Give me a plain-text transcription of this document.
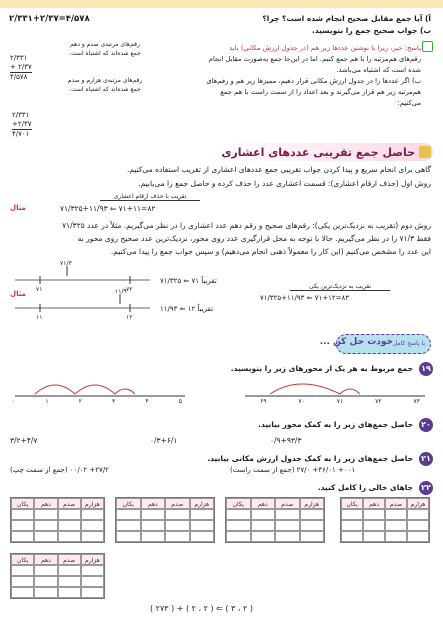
۲/۳۳۱+۲/۳۷=۴/۵۷۸	آ) آیا جمع مقابل صحیح انجام شده است؟ چرا؟
ب) جواب صحیح جمع را بنویسید.
پاسخ: خیر، زیرا با نوشتن عددها زیر هم (در جدول ارزش مکانی) باید
رقم‌های هم‌مرتبه را با هم جمع کنیم. اما در این‌جا جمع به‌صورت مقابل انجام
شده است که اشتباه می‌باشد.
ب) اگر عددها را در جدول ارزش مکانی قرار دهیم، ممیزها زیر هم و رقم‌های
هم‌مرتبه زیر هم قرار می‌گیرند و بعد اعداد را از سمت راست با هم جمع
می‌کنیم:
۲/۳۳۱
+ ۲/۳۷
۴/۵۷۸
رقم‌های مرتبه‌ی صدم و دهم
جمع شده‌اند که اشتباه است.
رقم‌های مرتبه‌ی هزارم و صدم
جمع شده‌اند که اشتباه است.
۲/۳۳۱
+۲/۳۷
۴/۷۰۱
حاصل جمع تقریبی عددهای اعشاری
گاهی برای انجام سریع و پیدا کردن جواب تقریبی جمع عددهای اعشاری از تقریب استفاده می‌کنیم.
روش اول (حذف ارقام اعشاری): قسمت اعشاری عدد را حذف کرده و حاصل جمع را می‌یابیم.
تقریب با حذف ارقام اعشاری
۷۱/۳۲۵+۱۱/۹۳ ⇐ ۷۱+۱۱=۸۲
مثال
روش دوم (تقریب به نزدیک‌ترین یکی): رقم‌های صحیح و رقم دهم عدد اعشاری را در نظر می‌گیریم. مثلاً در عدد ۷۱/۳۲۵
فقط ۷۱/۳ را در نظر می‌گیریم. حالا با توجه به محل قرارگیری عدد روی محور، نزدیک‌ترین عدد صحیح روی محور به
این عدد را مشخص می‌کنیم (این کار را معمولاً ذهنی انجام می‌دهیم) و سپس جواب جمع را پیدا می‌کنیم.
۷۱/۳
۷۱	۷۲
۱۱/۹
۱۱	۱۲
۷۱/۳۲۵ ⇐ تقریباً ۷۱
۱۱/۹۳ ⇐ تقریباً ۱۲
تقریب به نزدیک‌ترین یکی
۷۱/۳۲۵+۱۱/۹۳ ⇐ ۷۱+۱۲=۸۳
مثال
خودت حل کن ... با پاسخ کامل
۱۹
جمع مربوط به هر یک از محورهای زیر را بنویسید.
۰	۱	۲	۳	۴	۵	۶۹	۷۰	۷۱	۷۲	۷۳
۲۰
حاصل جمع‌های زیر را به کمک محور بیابید.
۰/۹+۹۳/۳
۰/۳+۶/۱
۳/۲+۴/۷
۲۱
حاصل جمع‌های زیر را به کمک جدول ارزش مکانی بیابید.
(جمع از سمت راست) ۰۰۱+ ۴۶/۰۱+ ۲۷/۰
(جمع از سمت چپ) ۲۷/۲+ ۰۰/۰۲
۲۲
جاهای خالی را کامل کنید.
یکان	دهم	صدم	هزارم
یکان	دهم	صدم	هزارم
یکان	دهم	صدم	هزارم
یکان	دهم	صدم	هزارم
یکان	دهم	صدم	هزارم
( ۲۷۳ ) + ( ۲ ، ۲ ) ⇐ ( ۳ ، ۲ )
